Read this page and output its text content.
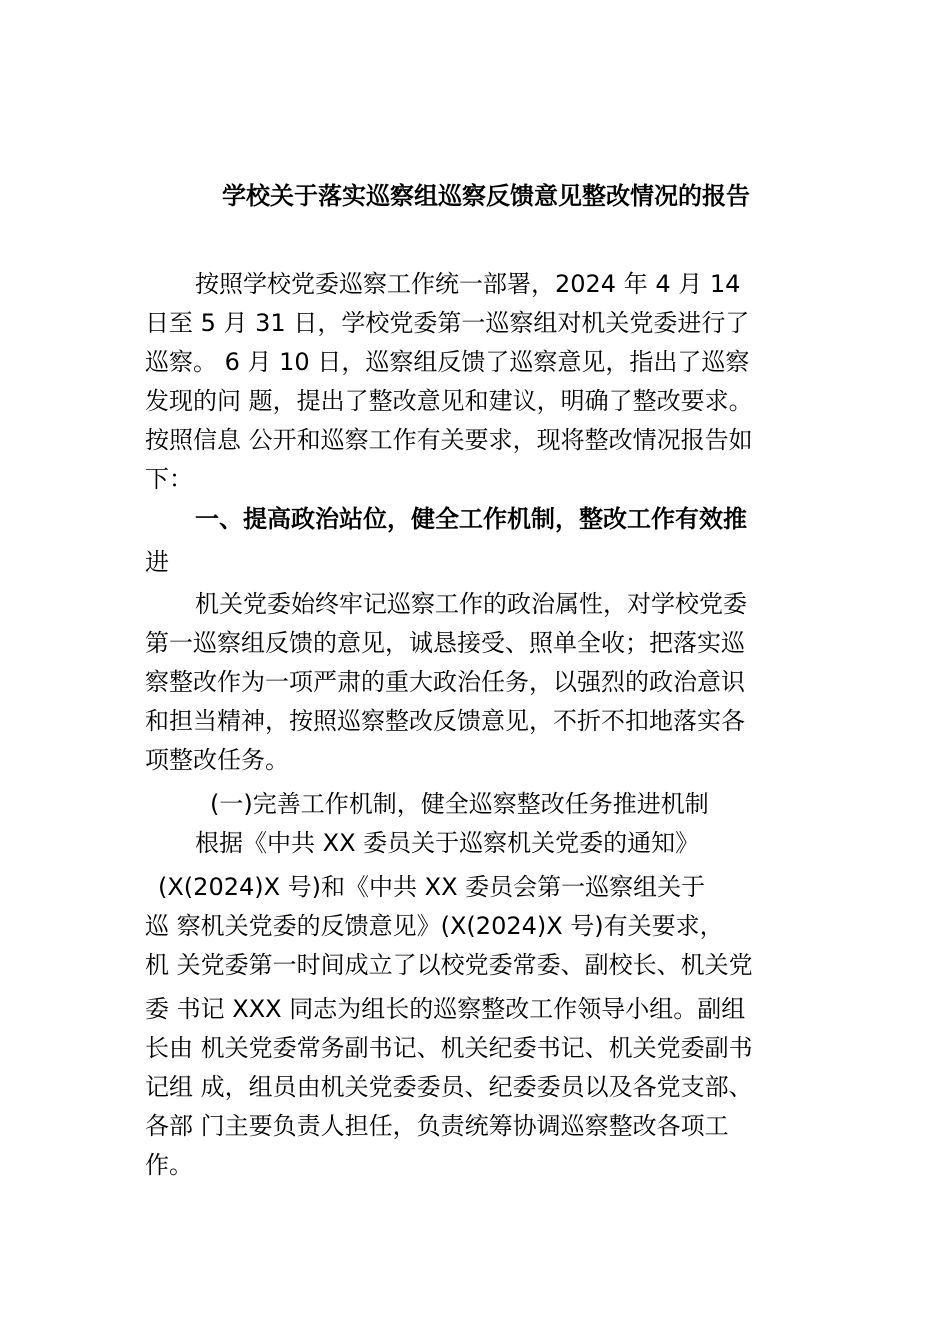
学校关于落实巡察组巡察反馈意见整改情况的报告
按照学校党委巡察工作统一部署，2024 年 4 月 14
日至 5 月 31 日，学校党委第一巡察组对机关党委进行了
巡察。 6 月 10 日，巡察组反馈了巡察意见，指出了巡察
发现的问 题，提出了整改意见和建议，明确了整改要求。
按照信息 公开和巡察工作有关要求，现将整改情况报告如
下：
一、提高政治站位，健全工作机制，整改工作有效推
进
机关党委始终牢记巡察工作的政治属性，对学校党委
第一巡察组反馈的意见，诚恳接受、照单全收；把落实巡
察整改作为一项严肃的重大政治任务，以强烈的政治意识
和担当精神，按照巡察整改反馈意见，不折不扣地落实各
项整改任务。
(一)完善工作机制，健全巡察整改任务推进机制
根据《中共 XX 委员关于巡察机关党委的通知》
(X(2024)X 号)和《中共 XX 委员会第一巡察组关于
巡 察机关党委的反馈意见》(X(2024)X 号)有关要求，
机 关党委第一时间成立了以校党委常委、副校长、机关党
委 书记 XXX 同志为组长的巡察整改工作领导小组。副组
长由 机关党委常务副书记、机关纪委书记、机关党委副书
记组 成，组员由机关党委委员、纪委委员以及各党支部、
各部 门主要负责人担任，负责统筹协调巡察整改各项工
作。
